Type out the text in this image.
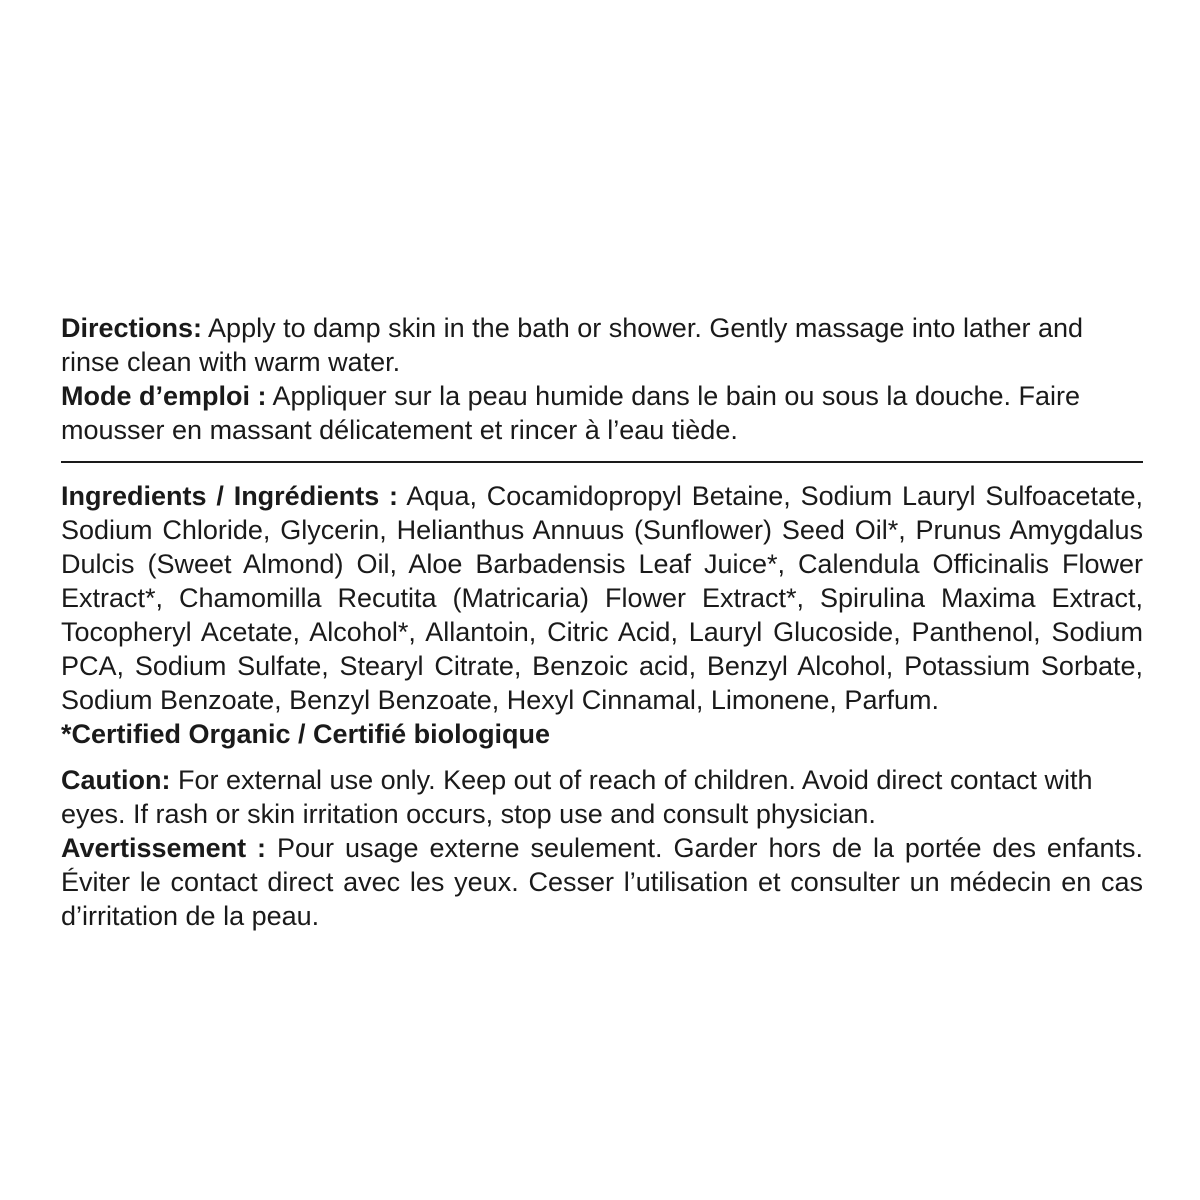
Directions: Apply to damp skin in the bath or shower. Gently massage into lather and rinse clean with warm water.

Mode d’emploi : Appliquer sur la peau humide dans le bain ou sous la douche. Faire mousser en massant délicatement et rincer à l’eau tiède.

Ingredients / Ingrédients : Aqua, Cocamidopropyl Betaine, Sodium Lauryl Sulfoacetate, Sodium Chloride, Glycerin, Helianthus Annuus (Sunflower) Seed Oil*, Prunus Amygdalus Dulcis (Sweet Almond) Oil, Aloe Barbadensis Leaf Juice*, Calendula Officinalis Flower Extract*, Chamomilla Recutita (Matricaria) Flower Extract*, Spirulina Maxima Extract, Tocopheryl Acetate, Alcohol*, Allantoin, Citric Acid, Lauryl Glucoside, Panthenol, Sodium PCA, Sodium Sulfate, Stearyl Citrate, Benzoic acid, Benzyl Alcohol, Potassium Sorbate, Sodium Benzoate, Benzyl Benzoate, Hexyl Cinnamal, Limonene, Parfum.

*Certified Organic / Certifié biologique

Caution: For external use only. Keep out of reach of children. Avoid direct contact with eyes. If rash or skin irritation occurs, stop use and consult physician.

Avertissement : Pour usage externe seulement. Garder hors de la portée des enfants. Éviter le contact direct avec les yeux. Cesser l’utilisation et consulter un médecin en cas d’irritation de la peau.
